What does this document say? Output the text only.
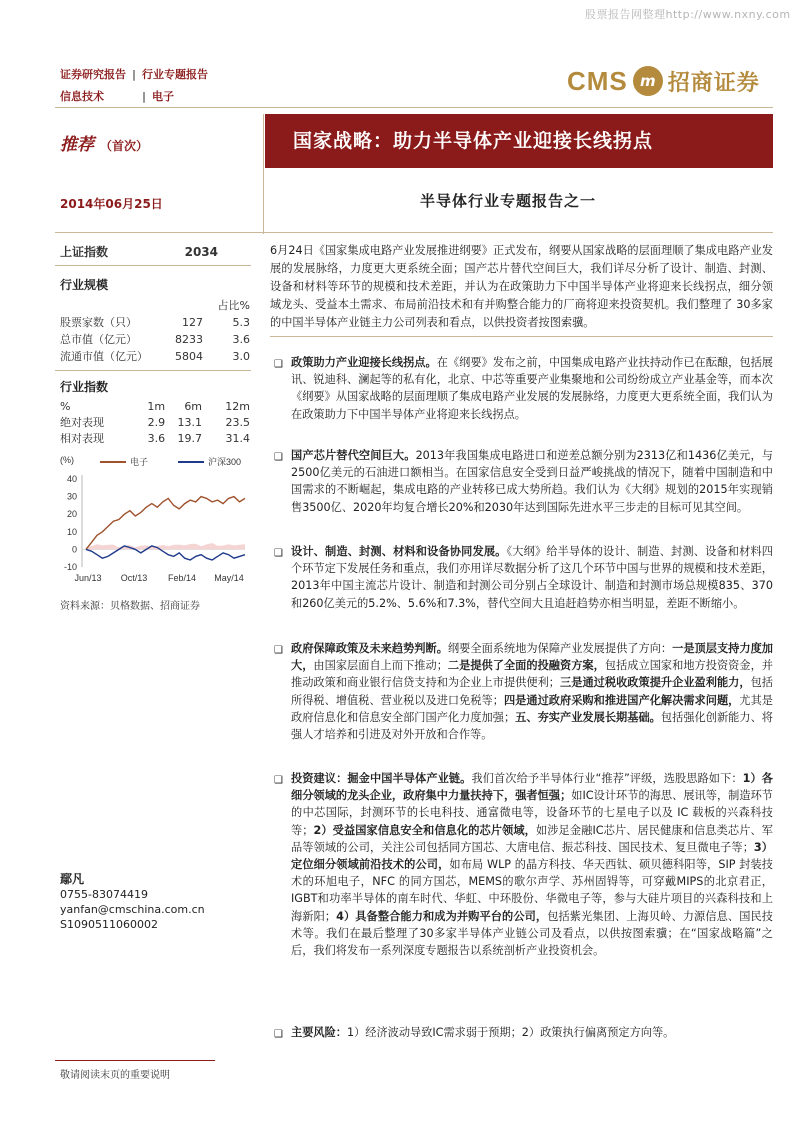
股票报告网整理http://www.nxny.com
证券研究报告 | 行业专题报告
信息技术	| 电子
CMS m 招商证券
推荐 （首次）	国家战略：助力半导体产业迎接长线拐点
2014年06月25日	半导体行业专题报告之一
上证指数	2034
行业规模
占比%
股票家数（只）	127	5.3
总市值（亿元）	8233	3.6
流通市值（亿元）	5804	3.0
行业指数
%	1m	6m	12m
绝对表现	2.9	13.1	23.5
相对表现	3.6	19.7	31.4
(%)
40
30
20
10
0
-10
Jun/13 Oct/13 Feb/14 May/14
电子	沪深300
资料来源：贝格数据、招商证券
鄢凡
0755-83074419
yanfan@cmschina.com.cn
S1090511060002
敬请阅读末页的重要说明
6月24日《国家集成电路产业发展推进纲要》正式发布，纲要从国家战略的层面理顺了集成电路产业发展的发展脉络，力度更大更系统全面；国产芯片替代空间巨大，我们详尽分析了设计、制造、封测、设备和材料等环节的规模和技术差距，并认为在政策助力下中国半导体产业将迎来长线拐点，细分领域龙头、受益本土需求、布局前沿技术和有并购整合能力的厂商将迎来投资契机。我们整理了 30多家的中国半导体产业链主力公司列表和看点，以供投资者按图索骥。
❑ 政策助力产业迎接长线拐点。在《纲要》发布之前，中国集成电路产业扶持动作已在酝酿，包括展讯、锐迪科、澜起等的私有化，北京、中芯等重要产业集聚地和公司纷纷成立产业基金等，而本次《纲要》从国家战略的层面理顺了集成电路产业发展的发展脉络，力度更大更系统全面，我们认为在政策助力下中国半导体产业将迎来长线拐点。
❑ 国产芯片替代空间巨大。2013年我国集成电路进口和逆差总额分别为2313亿和1436亿美元，与2500亿美元的石油进口额相当。在国家信息安全受到日益严峻挑战的情况下，随着中国制造和中国需求的不断崛起，集成电路的产业转移已成大势所趋。我们认为《大纲》规划的2015年实现销售3500亿、2020年均复合增长20%和2030年达到国际先进水平三步走的目标可见其空间。
❑ 设计、制造、封测、材料和设备协同发展。《大纲》给半导体的设计、制造、封测、设备和材料四个环节定下发展任务和重点，我们亦用详尽数据分析了这几个环节中国与世界的规模和技术差距，2013年中国主流芯片设计、制造和封测公司分别占全球设计、制造和封测市场总规模835、370和260亿美元的5.2%、5.6%和7.3%，替代空间大且追赶趋势亦相当明显，差距不断缩小。
❑ 政府保障政策及未来趋势判断。纲要全面系统地为保障产业发展提供了方向：一是顶层支持力度加大，由国家层面自上而下推动；二是提供了全面的投融资方案，包括成立国家和地方投资资金，并推动政策和商业银行信贷支持和为企业上市提供便利；三是通过税收政策提升企业盈利能力，包括所得税、增值税、营业税以及进口免税等；四是通过政府采购和推进国产化解决需求问题，尤其是政府信息化和信息安全部门国产化力度加强；五、夯实产业发展长期基础。包括强化创新能力、将强人才培养和引进及对外开放和合作等。
❑ 投资建议：掘金中国半导体产业链。我们首次给予半导体行业“推荐”评级，选股思路如下：1）各细分领域的龙头企业，政府集中力量扶持下，强者恒强；如IC设计环节的海思、展讯等，制造环节的中芯国际，封测环节的长电科技、通富微电等，设备环节的七星电子以及 IC 载板的兴森科技等；2）受益国家信息安全和信息化的芯片领域，如涉足金融IC芯片、居民健康和信息类芯片、军品等领域的公司，关注公司包括同方国芯、大唐电信、振芯科技、国民技术、复旦微电子等；3）定位细分领域前沿技术的公司，如布局 WLP 的晶方科技、华天西钛、硕贝德科阳等，SIP 封装技术的环旭电子，NFC 的同方国芯，MEMS的歌尔声学、苏州固锝等，可穿戴MIPS的北京君正，IGBT和功率半导体的南车时代、华虹、中环股份、华微电子等，参与大硅片项目的兴森科技和上海新阳；4）具备整合能力和成为并购平台的公司，包括紫光集团、上海贝岭、力源信息、国民技术等。我们在最后整理了30多家半导体产业链公司及看点，以供按图索骥；在“国家战略篇”之后，我们将发布一系列深度专题报告以系统剖析产业投资机会。
❑ 主要风险：1）经济波动导致IC需求弱于预期；2）政策执行偏离预定方向等。
